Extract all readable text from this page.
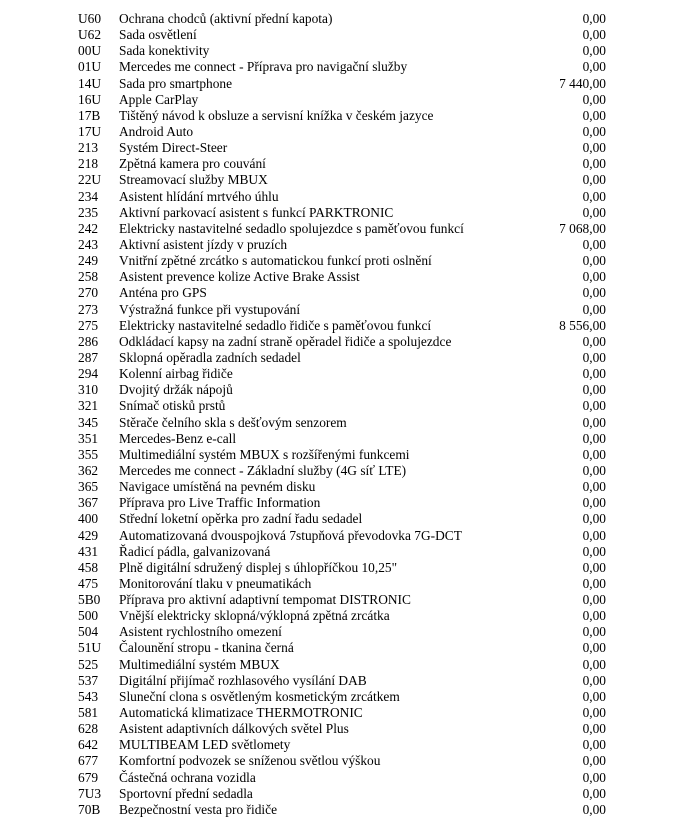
U60 Ochrana chodců (aktivní přední kapota)	0,00
U62 Sada osvětlení	0,00
00U Sada konektivity	0,00
01U Mercedes me connect - Příprava pro navigační služby	0,00
14U Sada pro smartphone	7 440,00
16U Apple CarPlay	0,00
17B Tištěný návod k obsluze a servisní knížka v českém jazyce	0,00
17U Android Auto	0,00
213 Systém Direct-Steer	0,00
218 Zpětná kamera pro couvání	0,00
22U Streamovací služby MBUX	0,00
234 Asistent hlídání mrtvého úhlu	0,00
235 Aktivní parkovací asistent s funkcí PARKTRONIC	0,00
242 Elektricky nastavitelné sedadlo spolujezdce s paměťovou funkcí	7 068,00
243 Aktivní asistent jízdy v pruzích	0,00
249 Vnitřní zpětné zrcátko s automatickou funkcí proti oslnění	0,00
258 Asistent prevence kolize Active Brake Assist	0,00
270 Anténa pro GPS	0,00
273 Výstražná funkce při vystupování	0,00
275 Elektricky nastavitelné sedadlo řidiče s paměťovou funkcí	8 556,00
286 Odkládací kapsy na zadní straně opěradel řidiče a spolujezdce	0,00
287 Sklopná opěradla zadních sedadel	0,00
294 Kolenní airbag řidiče	0,00
310 Dvojitý držák nápojů	0,00
321 Snímač otisků prstů	0,00
345 Stěrače čelního skla s dešťovým senzorem	0,00
351 Mercedes-Benz e-call	0,00
355 Multimediální systém MBUX s rozšířenými funkcemi	0,00
362 Mercedes me connect - Základní služby (4G síť LTE)	0,00
365 Navigace umístěná na pevném disku	0,00
367 Příprava pro Live Traffic Information	0,00
400 Střední loketní opěrka pro zadní řadu sedadel	0,00
429 Automatizovaná dvouspojková 7stupňová převodovka 7G-DCT	0,00
431 Řadicí pádla, galvanizovaná	0,00
458 Plně digitální sdružený displej s úhlopříčkou 10,25"	0,00
475 Monitorování tlaku v pneumatikách	0,00
5B0 Příprava pro aktivní adaptivní tempomat DISTRONIC	0,00
500 Vnější elektricky sklopná/výklopná zpětná zrcátka	0,00
504 Asistent rychlostního omezení	0,00
51U Čalounění stropu - tkanina černá	0,00
525 Multimediální systém MBUX	0,00
537 Digitální přijímač rozhlasového vysílání DAB	0,00
543 Sluneční clona s osvětleným kosmetickým zrcátkem	0,00
581 Automatická klimatizace THERMOTRONIC	0,00
628 Asistent adaptivních dálkových světel Plus	0,00
642 MULTIBEAM LED světlomety	0,00
677 Komfortní podvozek se sníženou světlou výškou	0,00
679 Částečná ochrana vozidla	0,00
7U3 Sportovní přední sedadla	0,00
70B Bezpečnostní vesta pro řidiče	0,00
